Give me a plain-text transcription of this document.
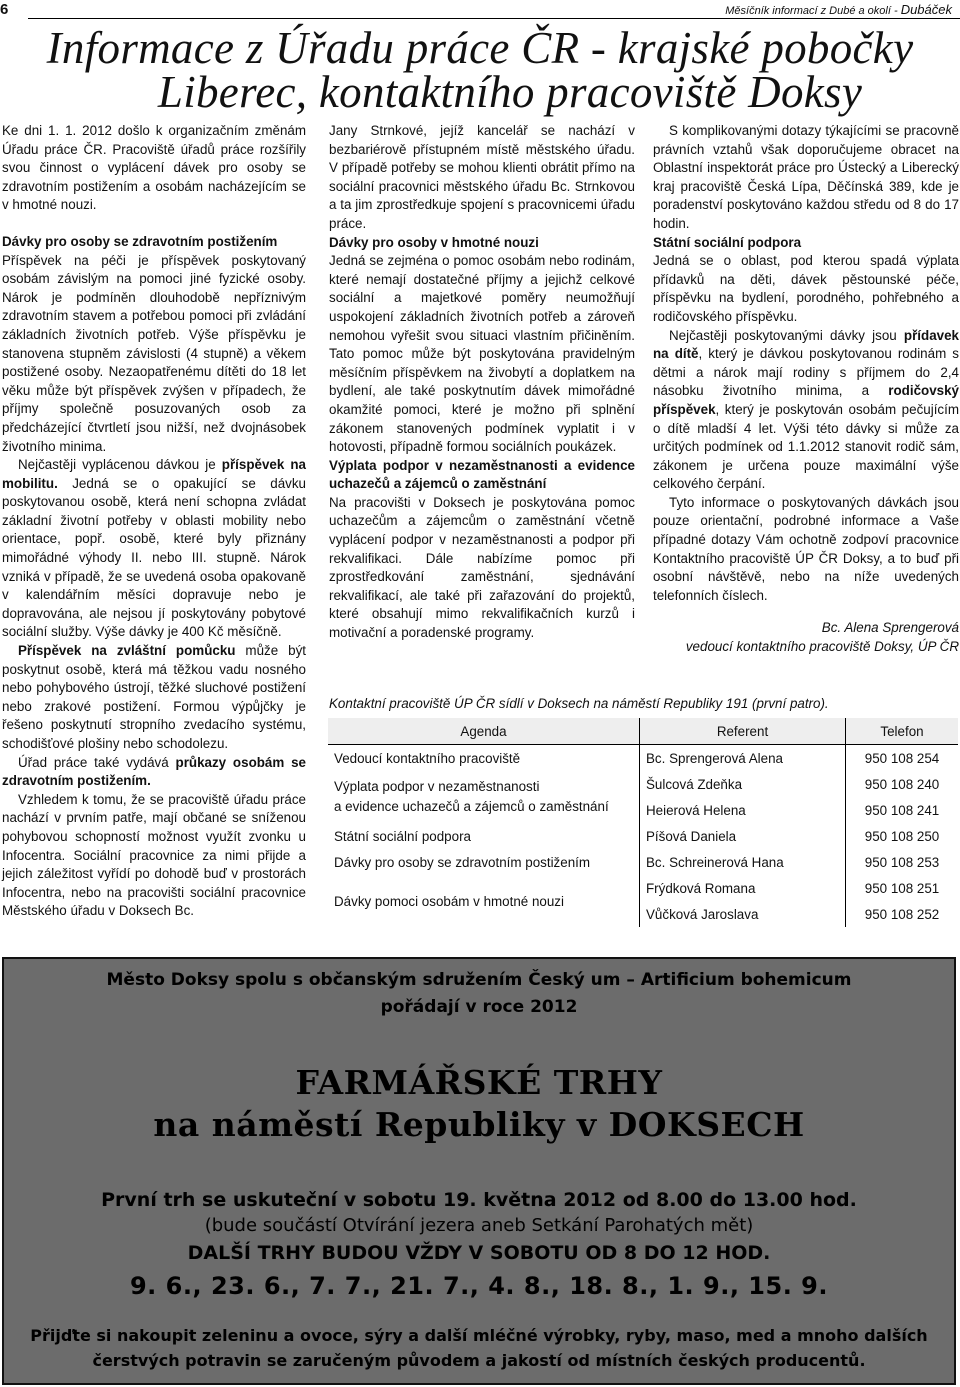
6	Měsíčník informací z Dubé a okolí - Dubáček
Informace z Úřadu práce ČR - krajské pobočky
Liberec, kontaktního pracoviště Doksy

Ke dni 1. 1. 2012 došlo k organizačním změnám Úřadu práce ČR. Pracoviště úřadů práce rozšířily svou činnost o vyplácení dávek pro osoby se zdravotním postižením a osobám nacházejícím se v hmotné nouzi.

Dávky pro osoby se zdravotním postižením

Příspěvek na péči je příspěvek poskytovaný osobám závislým na pomoci jiné fyzické osoby. Nárok je podmíněn dlouhodobě nepříznivým zdravotním stavem a potřebou pomoci při zvládání základních životních potřeb. Výše příspěvku je stanovena stupněm závislosti (4 stupně) a věkem postižené osoby. Nezaopatřenému dítěti do 18 let věku může být příspěvek zvýšen v případech, že příjmy společně posuzovaných osob za předcházející čtvrtletí jsou nižší, než dvojnásobek životního minima.

Nejčastěji vyplácenou dávkou je příspěvek na mobilitu. Jedná se o opakující se dávku poskytovanou osobě, která není schopna zvládat základní životní potřeby v oblasti mobility nebo orientace, popř. osobě, které byly přiznány mimořádné výhody II. nebo III. stupně. Nárok vzniká v případě, že se uvedená osoba opakovaně v kalendářním měsíci dopravuje nebo je dopravována, ale nejsou jí poskytovány pobytové sociální služby. Výše dávky je 400 Kč měsíčně.

Příspěvek na zvláštní pomůcku může být poskytnut osobě, která má těžkou vadu nosného nebo pohybového ústrojí, těžké sluchové postižení nebo zrakové postižení. Formou výpůjčky je řešeno poskytnutí stropního zvedacího systému, schodišťové plošiny nebo schodolezu.

Úřad práce také vydává průkazy osobám se zdravotním postižením.

Vzhledem k tomu, že se pracoviště úřadu práce nachází v prvním patře, mají občané se sníženou pohybovou schopností možnost využít zvonku u Infocentra. Sociální pracovnice za nimi přijde a jejich záležitost vyřídí po dohodě buď v prostorách Infocentra, nebo na pracovišti sociální pracovnice Městského úřadu v Doksech Bc.

Jany Strnkové, jejíž kancelář se nachází v bezbariérově přístupném místě městského úřadu. V případě potřeby se mohou klienti obrátit přímo na sociální pracovnici městského úřadu Bc. Strnkovou a ta jim zprostředkuje spojení s pracovnicemi úřadu práce.

Dávky pro osoby v hmotné nouzi

Jedná se zejména o pomoc osobám nebo rodinám, které nemají dostatečné příjmy a jejichž celkové sociální a majetkové poměry neumožňují uspokojení základních životních potřeb a zároveň nemohou vyřešit svou situaci vlastním přičiněním. Tato pomoc může být poskytována pravidelným měsíčním příspěvkem na živobytí a doplatkem na bydlení, ale také poskytnutím dávek mimořádné okamžité pomoci, které je možno při splnění zákonem stanovených podmínek vyplatit i v hotovosti, případně formou sociálních poukázek.

Výplata podpor v nezaměstnanosti a evidence uchazečů a zájemců o zaměstnání

Na pracovišti v Doksech je poskytována pomoc uchazečům a zájemcům o zaměstnání včetně vyplácení podpor v nezaměstnanosti a podpor při rekvalifikaci. Dále nabízíme pomoc při zprostředkování zaměstnání, sjednávání rekvalifikací, ale také při zařazování do projektů, které obsahují mimo rekvalifikačních kurzů i motivační a poradenské programy.

S komplikovanými dotazy týkajícími se pracovně právních vztahů však doporučujeme obracet na Oblastní inspektorát práce pro Ústecký a Liberecký kraj pracoviště Česká Lípa, Děčínská 389, kde je poradenství poskytováno každou středu od 8 do 17 hodin.

Státní sociální podpora

Jedná se o oblast, pod kterou spadá výplata přídavků na děti, dávek pěstounské péče, příspěvku na bydlení, porodného, pohřebného a rodičovského příspěvku.

Nejčastěji poskytovanými dávky jsou přídavek na dítě, který je dávkou poskytovanou rodinám s dětmi a nárok mají rodiny s příjmem do 2,4 násobku životního minima, a rodičovský příspěvek, který je poskytován osobám pečujícím o dítě mladší 4 let. Výši této dávky si může za určitých podmínek od 1.1.2012 stanovit rodič sám, zákonem je určena pouze maximální výše celkového čerpání.

Tyto informace o poskytovaných dávkách jsou pouze orientační, podrobné informace a Vaše případné dotazy Vám ochotně zodpoví pracovnice Kontaktního pracoviště ÚP ČR Doksy, a to buď při osobní návštěvě, nebo na níže uvedených telefonních číslech.

Bc. Alena Sprengerová

vedoucí kontaktního pracoviště Doksy, ÚP ČR

Kontaktní pracoviště ÚP ČR sídlí v Doksech na náměstí Republiky 191 (první patro).
Agenda	Referent	Telefon
Vedoucí kontaktního pracoviště	Bc. Sprengerová Alena	950 108 254
Výplata podpor v nezaměstnanosti
a evidence uchazečů a zájemců o zaměstnání	Šulcová Zdeňka	950 108 240
	Heierová Helena	950 108 241
Státní sociální podpora	Píšová Daniela	950 108 250
Dávky pro osoby se zdravotním postižením	Bc. Schreinerová Hana	950 108 253
Dávky pomoci osobám v hmotné nouzi	Frýdková Romana	950 108 251
	Vůčková Jaroslava	950 108 252
Město Doksy spolu s občanským sdružením Český um – Artificium bohemicum
pořádají v roce 2012
FARMÁŘSKÉ TRHY
na náměstí Republiky v DOKSECH
První trh se uskuteční v sobotu 19. května 2012 od 8.00 do 13.00 hod.
(bude součástí Otvírání jezera aneb Setkání Parohatých mět)
DALŠÍ TRHY BUDOU VŽDY V SOBOTU OD 8 DO 12 HOD.
9. 6., 23. 6., 7. 7., 21. 7., 4. 8., 18. 8., 1. 9., 15. 9.
Přijďte si nakoupit zeleninu a ovoce, sýry a další mléčné výrobky, ryby, maso, med a mnoho dalších
čerstvých potravin se zaručeným původem a jakostí od místních českých producentů.
